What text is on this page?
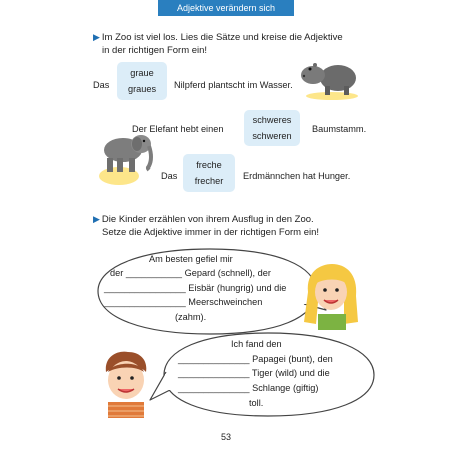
Adjektive verändern sich
▶ Im Zoo ist viel los. Lies die Sätze und kreise die Adjektive
in der richtigen Form ein!
Das
graue
graues	Nilpferd plantscht im Wasser.
Der Elefant hebt einen
schweres
schweren
Baumstamm.
Das
freche
frecher	Erdmännchen hat Hunger.
▶ Die Kinder erzählen von ihrem Ausflug in den Zoo.
Setze die Adjektive immer in der richtigen Form ein!
Am besten gefiel mir
der ___________ Gepard (schnell), der
________________ Eisbär (hungrig) und die
________________ Meerschweinchen
(zahm).
Ich fand den
______________ Papagei (bunt), den
______________ Tiger (wild) und die
______________ Schlange (giftig)
toll.
53
